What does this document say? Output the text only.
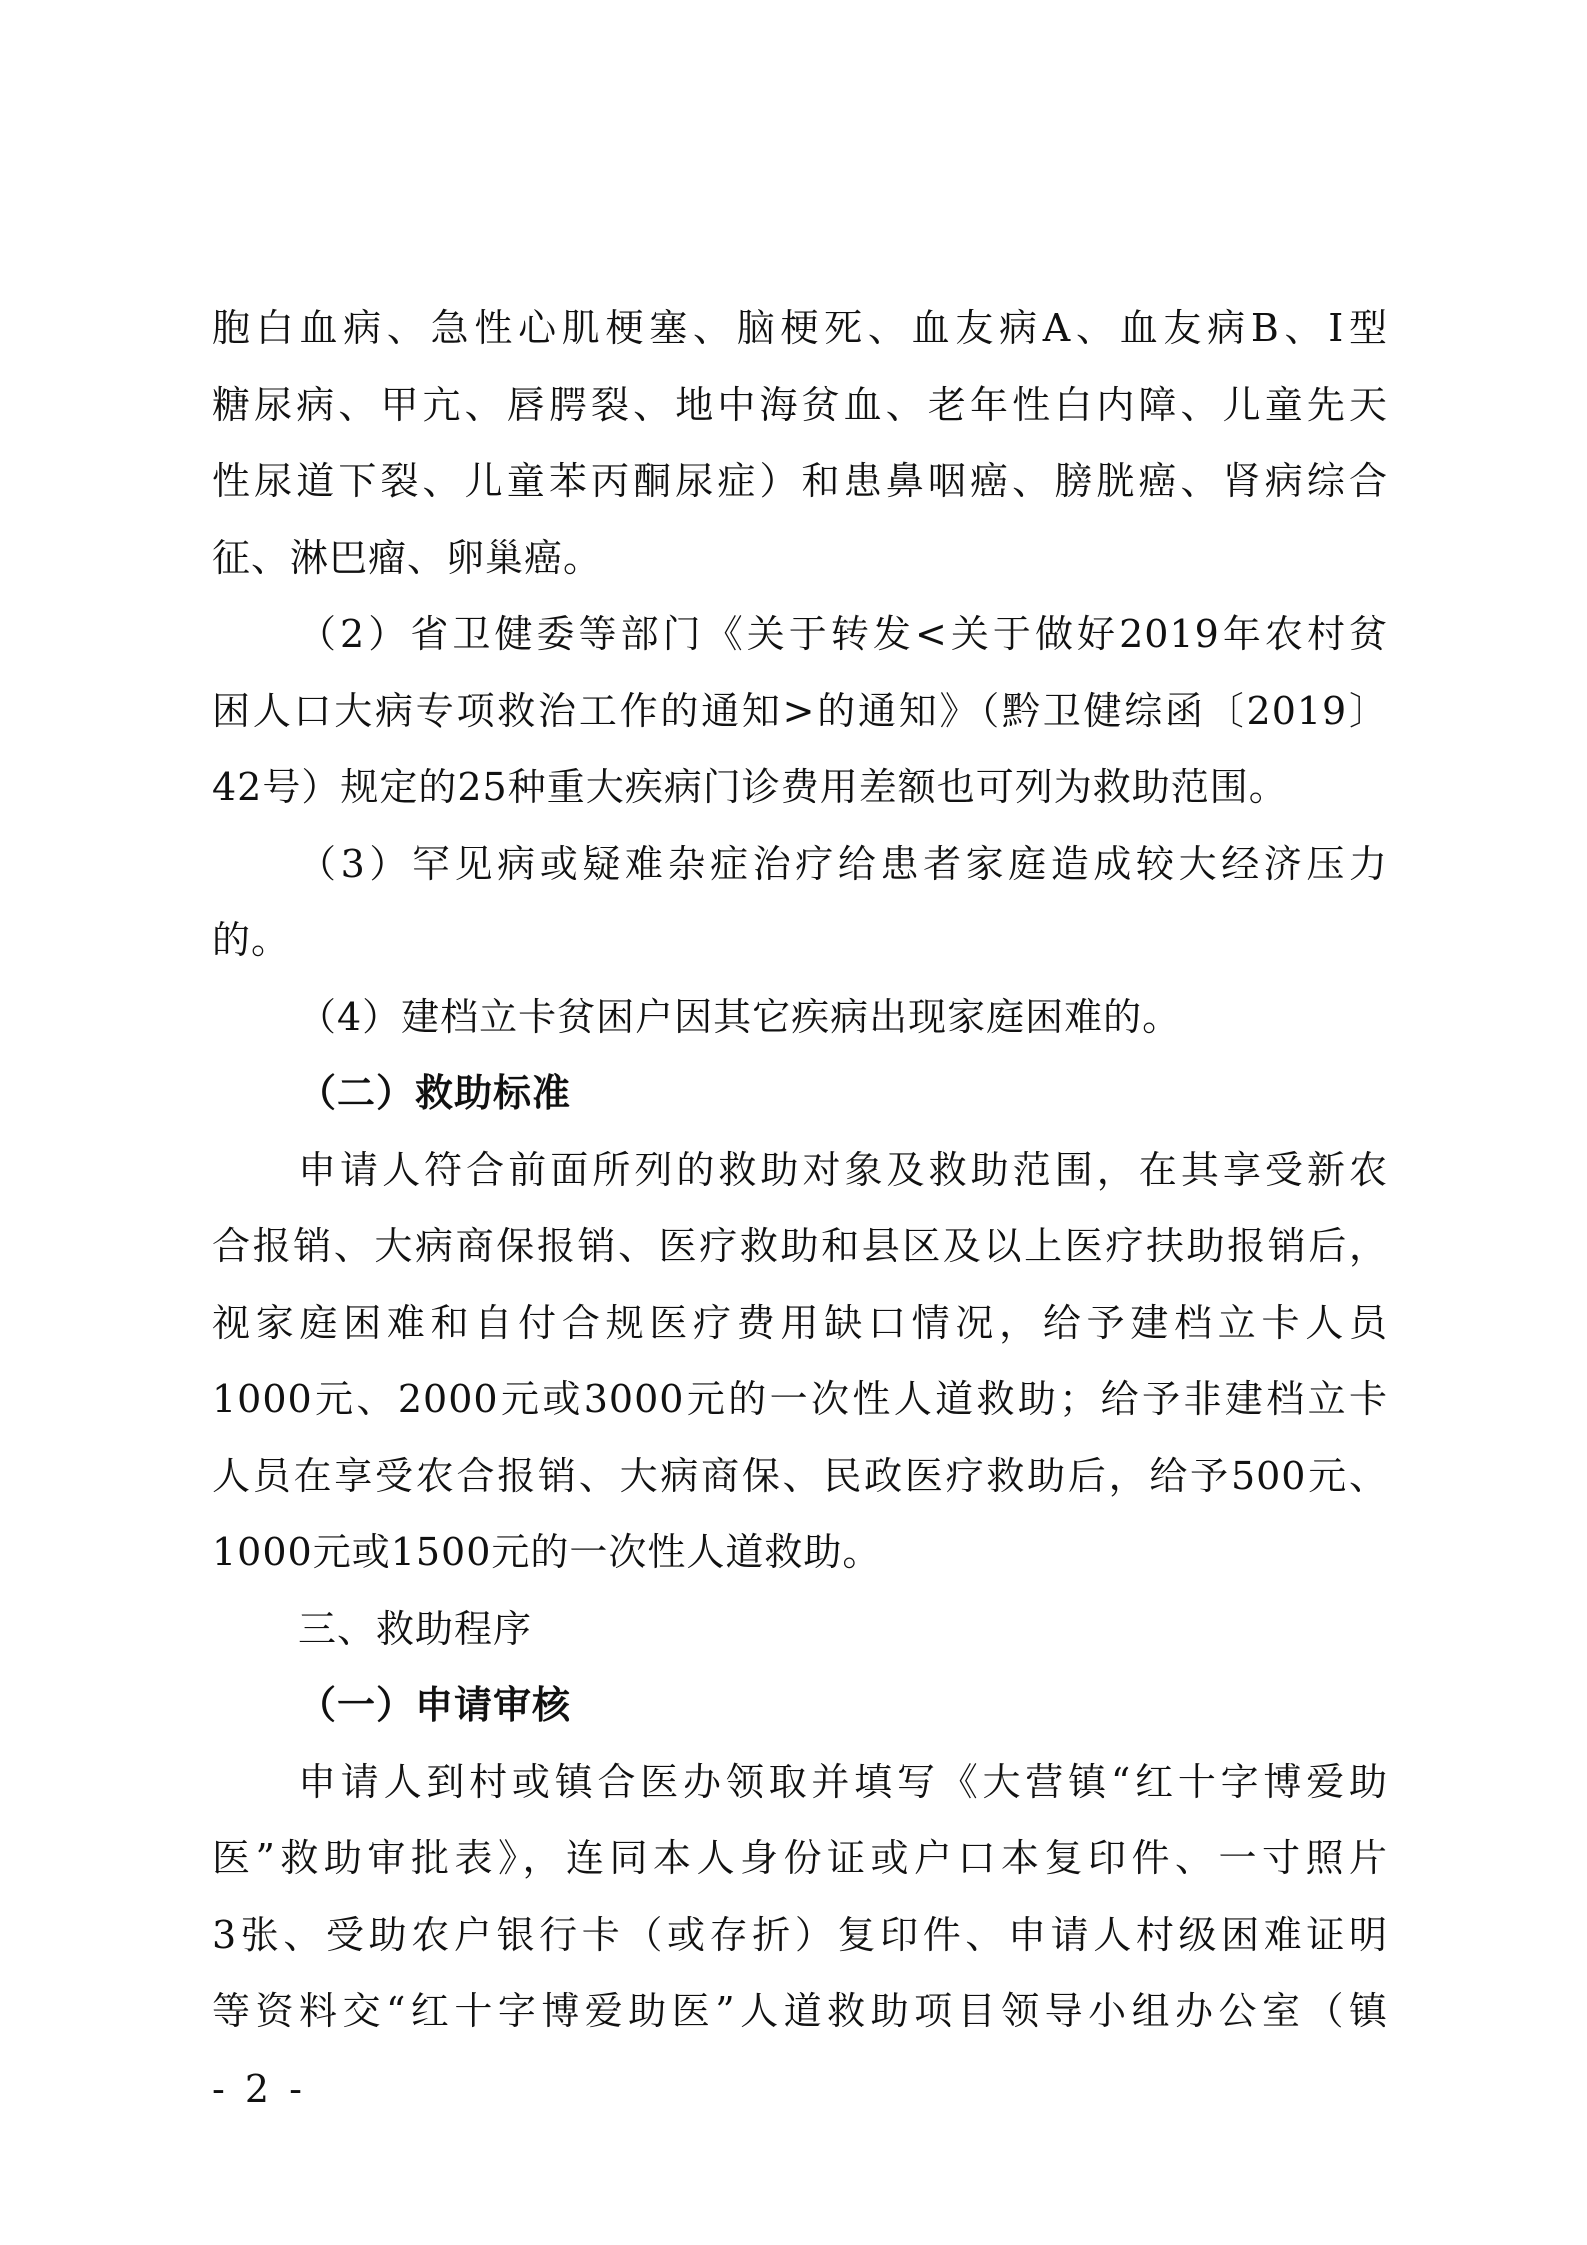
胞白血病、急性心肌梗塞、脑梗死、血友病A、血友病B、I型
糖尿病、甲亢、唇腭裂、地中海贫血、老年性白内障、儿童先天
性尿道下裂、儿童苯丙酮尿症）和患鼻咽癌、膀胱癌、肾病综合
征、淋巴瘤、卵巢癌。
（2）省卫健委等部门《关于转发<关于做好2019年农村贫
困人口大病专项救治工作的通知>的通知》（黔卫健综函〔2019〕
42号）规定的25种重大疾病门诊费用差额也可列为救助范围。
（3）罕见病或疑难杂症治疗给患者家庭造成较大经济压力
的。
（4）建档立卡贫困户因其它疾病出现家庭困难的。
（二）救助标准
申请人符合前面所列的救助对象及救助范围，在其享受新农
合报销、大病商保报销、医疗救助和县区及以上医疗扶助报销后，
视家庭困难和自付合规医疗费用缺口情况，给予建档立卡人员
1000元、2000元或3000元的一次性人道救助；给予非建档立卡
人员在享受农合报销、大病商保、民政医疗救助后，给予500元、
1000元或1500元的一次性人道救助。
三、救助程序
（一）申请审核
申请人到村或镇合医办领取并填写《大营镇“红十字博爱助
医”救助审批表》，连同本人身份证或户口本复印件、一寸照片
3张、受助农户银行卡（或存折）复印件、申请人村级困难证明
等资料交“红十字博爱助医”人道救助项目领导小组办公室（镇
- 2 -
